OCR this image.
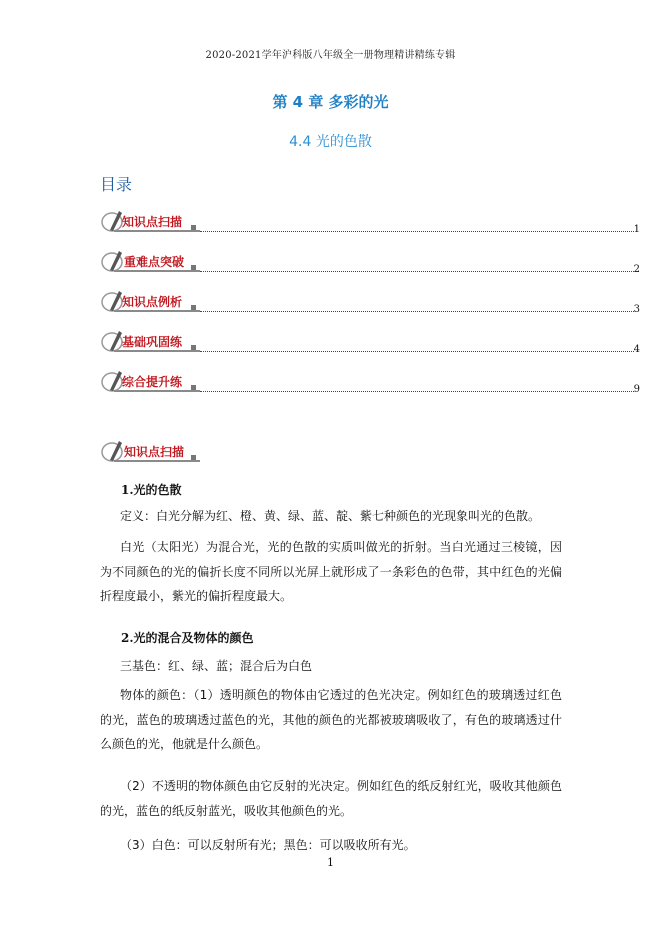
2020-2021学年沪科版八年级全一册物理精讲精练专辑
第 4 章 多彩的光
4.4 光的色散
目录
知识点扫描
1
重难点突破
2
知识点例析
3
基础巩固练
4
综合提升练
9
知识点扫描
1.光的色散
定义：白光分解为红、橙、黄、绿、蓝、靛、紫七种颜色的光现象叫光的色散。
白光（太阳光）为混合光，光的色散的实质叫做光的折射。当白光通过三棱镜，因为不同颜色的光的偏折长度不同所以光屏上就形成了一条彩色的色带，其中红色的光偏折程度最小，紫光的偏折程度最大。
2.光的混合及物体的颜色
三基色：红、绿、蓝；混合后为白色
物体的颜色：（1）透明颜色的物体由它透过的色光决定。例如红色的玻璃透过红色的光，蓝色的玻璃透过蓝色的光，其他的颜色的光都被玻璃吸收了，有色的玻璃透过什么颜色的光，他就是什么颜色。
（2）不透明的物体颜色由它反射的光决定。例如红色的纸反射红光，吸收其他颜色的光，蓝色的纸反射蓝光，吸收其他颜色的光。
（3）白色：可以反射所有光；黑色：可以吸收所有光。
1
